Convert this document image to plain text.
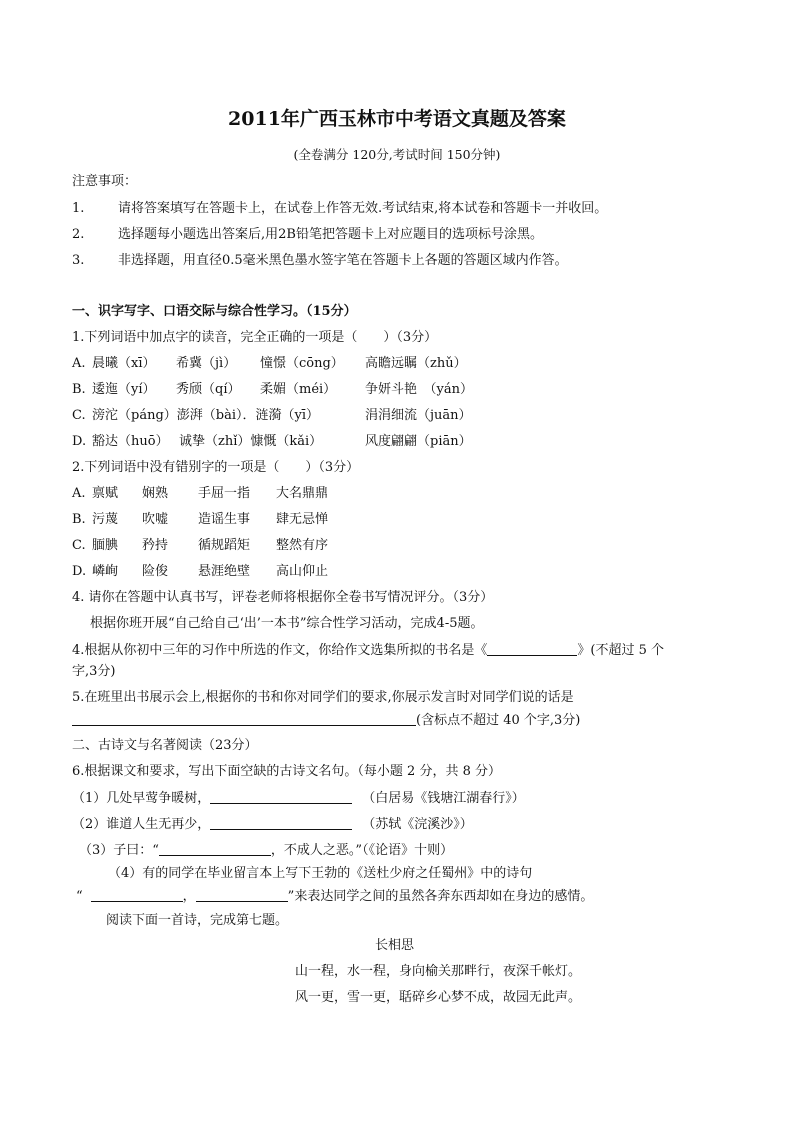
2011年广西玉林市中考语文真题及答案
(全卷满分 120分,考试时间 150分钟)
注意事项：
1.	请将答案填写在答题卡上，在试卷上作答无效.考试结束,将本试卷和答题卡一并收回。
2.	选择题每小题选出答案后,用2B铅笔把答题卡上对应题目的选项标号涂黑。
3.	非选择题，用直径0.5毫米黑色墨水签字笔在答题卡上各题的答题区域内作答。
一、识字写字、口语交际与综合性学习。（15分）
1.下列词语中加点字的读音，完全正确的一项是（　　）（3分）
A. 晨曦（xī） 希冀（jì） 憧憬（cōng） 高瞻远瞩（zhǔ）
B. 逶迤（yí） 秀颀（qí） 柔媚（méi） 争妍斗艳　（yán）
C. 滂沱（páng）澎湃（bài）．涟漪（yī）	涓涓细流（juān）
D. 豁达（huō） 诚挚（zhǐ）慷慨（kǎi）	风度翩翩（piān）
2.下列词语中没有错别字的一项是（　　）（3分）
A. 禀赋 娴熟 手屈一指 大名鼎鼎
B. 污蔑 吹嘘 造谣生事 肆无忌惮
C. 腼腆 矜持 循规蹈矩 整然有序
D. 嶙峋 险俊 悬涯绝壁 高山仰止
4. 请你在答题中认真书写，评卷老师将根据你全卷书写情况评分。（3分）
根据你班开展“自己给自己‘出’一本书”综合性学习活动，完成4-5题。
4.根据从你初中三年的习作中所选的作文，你给作文选集所拟的书名是《	》(不超过 5 个
字,3分)
5.在班里出书展示会上,根据你的书和你对同学们的要求,你展示发言时对同学们说的话是
(含标点不超过 40 个字,3分)
二、古诗文与名著阅读（23分）
6.根据课文和要求，写出下面空缺的古诗文名句。（每小题 2 分，共 8 分）
（1）几处早莺争暖树，	（白居易《钱塘江湖春行》）
（2）谁道人生无再少，	（苏轼《浣溪沙》）
（3）子曰：“	，不成人之恶。”（《论语》十则）
（4）有的同学在毕业留言本上写下王勃的《送杜少府之任蜀州》中的诗句
“	，	”来表达同学之间的虽然各奔东西却如在身边的感情。
阅读下面一首诗，完成第七题。
长相思
山一程，水一程，身向榆关那畔行，夜深千帐灯。
风一更，雪一更，聒碎乡心梦不成，故园无此声。
